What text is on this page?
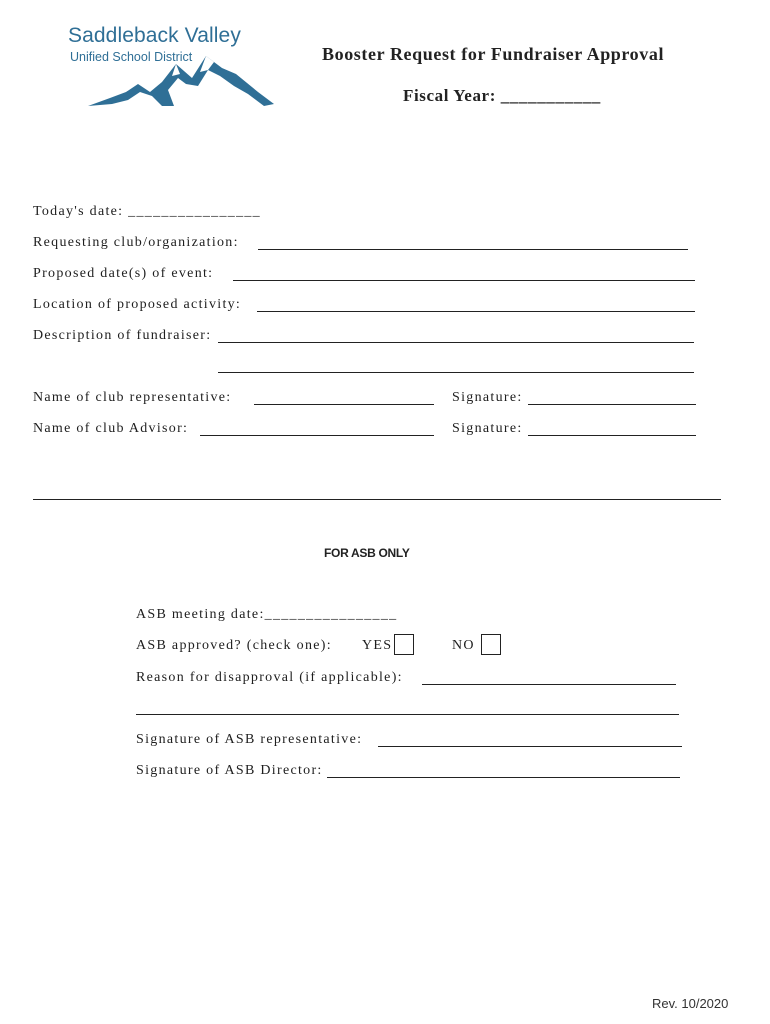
Saddleback Valley
Unified School District	Booster Request for Fundraiser Approval
Fiscal Year: ___________
Today's date: ________________
Requesting club/organization:
Proposed date(s) of event:
Location of proposed activity:
Description of fundraiser:
Name of club representative:	Signature:
Name of club Advisor:	Signature:
FOR ASB ONLY
ASB meeting date:________________
ASB approved? (check one): YES	NO
Reason for disapproval (if applicable):
Signature of ASB representative:
Signature of ASB Director:
Rev. 10/2020
